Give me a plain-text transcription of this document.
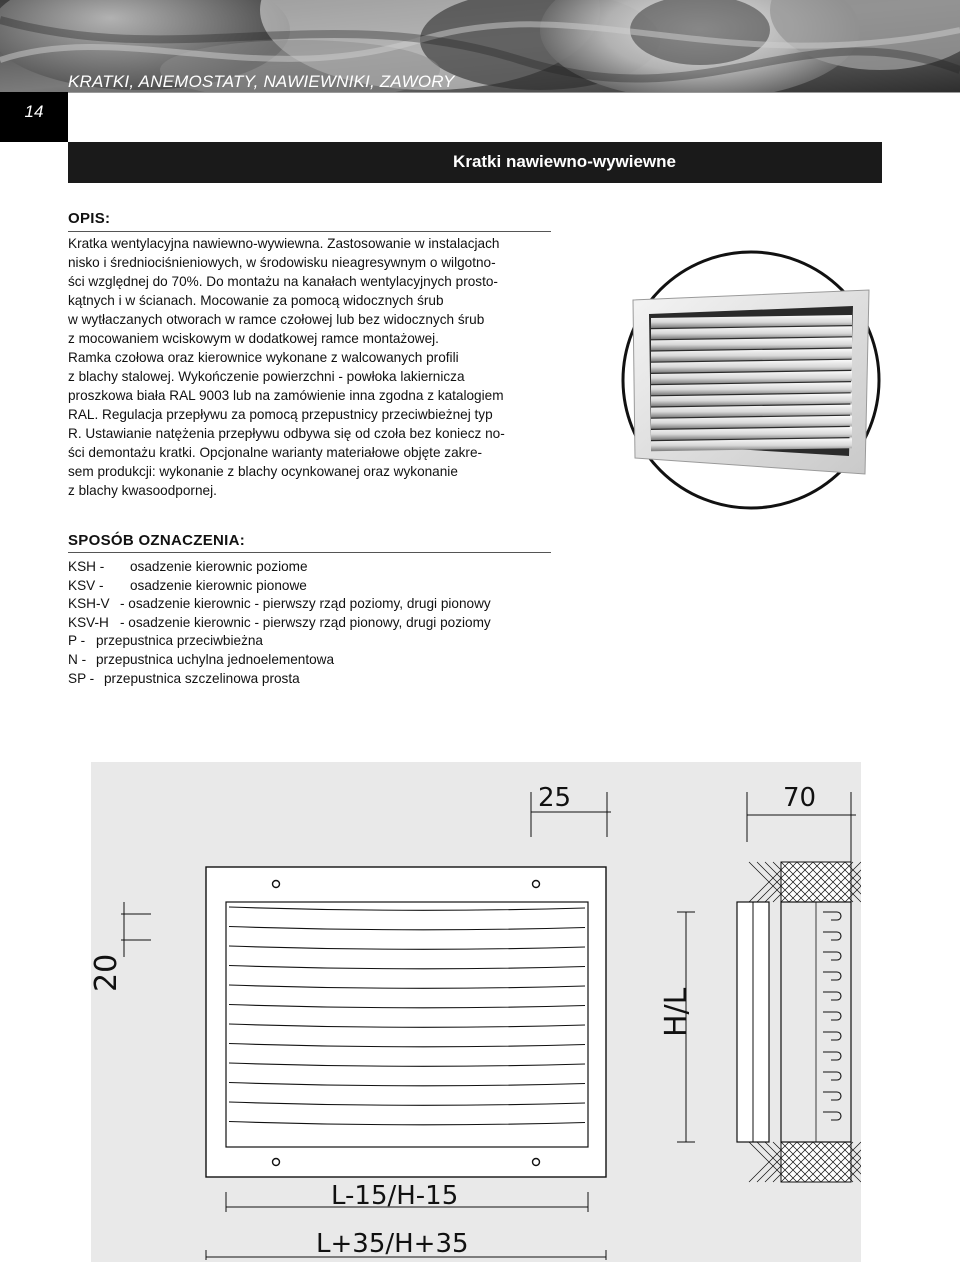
KRATKI, ANEMOSTATY, NAWIEWNIKI, ZAWORY
14
Kratki nawiewno-wywiewne
OPIS:
Kratka wentylacyjna nawiewno-wywiewna. Zastosowanie w instalacjach
nisko i średniociśnieniowych, w środowisku nieagresywnym o wilgotno-
ści względnej do 70%. Do montażu na kanałach wentylacyjnych prosto-
kątnych i w ścianach. Mocowanie za pomocą widocznych śrub
w wytłaczanych otworach w ramce czołowej lub bez widocznych śrub
z mocowaniem wciskowym w dodatkowej ramce montażowej.
Ramka czołowa oraz kierownice wykonane z walcowanych profili
z blachy stalowej. Wykończenie powierzchni - powłoka lakiernicza
proszkowa biała RAL 9003 lub na zamówienie inna zgodna z katalogiem
RAL. Regulacja przepływu za pomocą przepustnicy przeciwbieżnej typ
R. Ustawianie natężenia przepływu odbywa się od czoła bez koniecz no-
ści demontażu kratki. Opcjonalne warianty materiałowe objęte zakre-
sem produkcji: wykonanie z blachy ocynkowanej oraz wykonanie
z blachy kwasoodpornej.
SPOSÓB OZNACZENIA:
KSH - osadzenie kierownic poziome
KSV - osadzenie kierownic pionowe
KSH-V - osadzenie kierownic - pierwszy rząd poziomy, drugi pionowy
KSV-H - osadzenie kierownic - pierwszy rząd pionowy, drugi poziomy
P - przepustnica przeciwbieżna
N - przepustnica uchylna jednoelementowa
SP - przepustnica szczelinowa prosta
20
H/L
L-15/H-15
L+35/H+35
25	70
